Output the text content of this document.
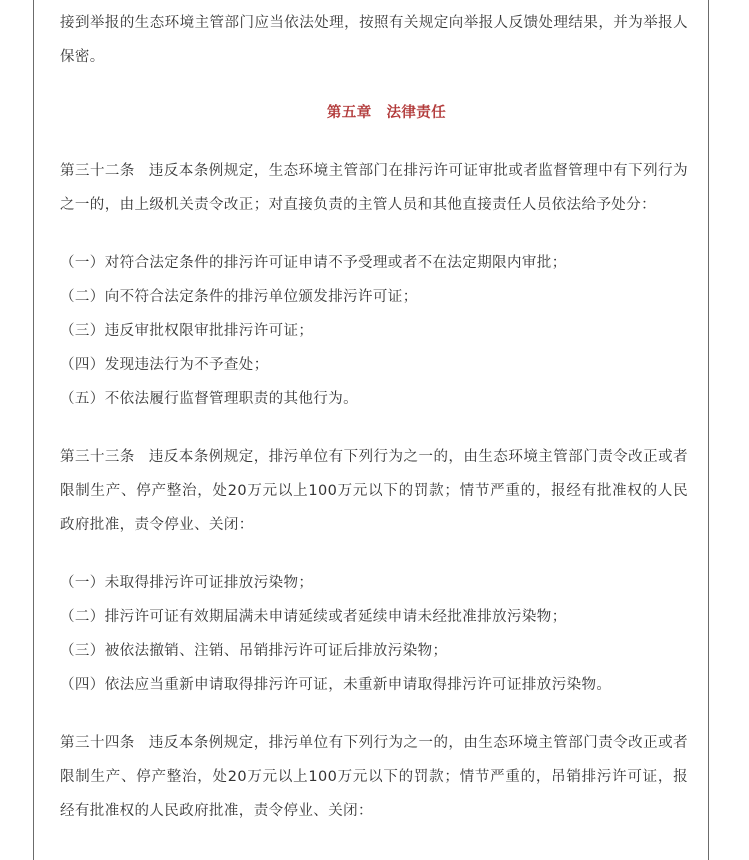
接到举报的生态环境主管部门应当依法处理，按照有关规定向举报人反馈处理结果，并为举报人保密。

第五章　法律责任

第三十二条 违反本条例规定，生态环境主管部门在排污许可证审批或者监督管理中有下列行为之一的，由上级机关责令改正；对直接负责的主管人员和其他直接责任人员依法给予处分：

（一）对符合法定条件的排污许可证申请不予受理或者不在法定期限内审批；

（二）向不符合法定条件的排污单位颁发排污许可证；

（三）违反审批权限审批排污许可证；

（四）发现违法行为不予查处；

（五）不依法履行监督管理职责的其他行为。

第三十三条 违反本条例规定，排污单位有下列行为之一的，由生态环境主管部门责令改正或者限制生产、停产整治，处20万元以上100万元以下的罚款；情节严重的，报经有批准权的人民政府批准，责令停业、关闭：

（一）未取得排污许可证排放污染物；

（二）排污许可证有效期届满未申请延续或者延续申请未经批准排放污染物；

（三）被依法撤销、注销、吊销排污许可证后排放污染物；

（四）依法应当重新申请取得排污许可证，未重新申请取得排污许可证排放污染物。

第三十四条 违反本条例规定，排污单位有下列行为之一的，由生态环境主管部门责令改正或者限制生产、停产整治，处20万元以上100万元以下的罚款；情节严重的，吊销排污许可证，报经有批准权的人民政府批准，责令停业、关闭：
